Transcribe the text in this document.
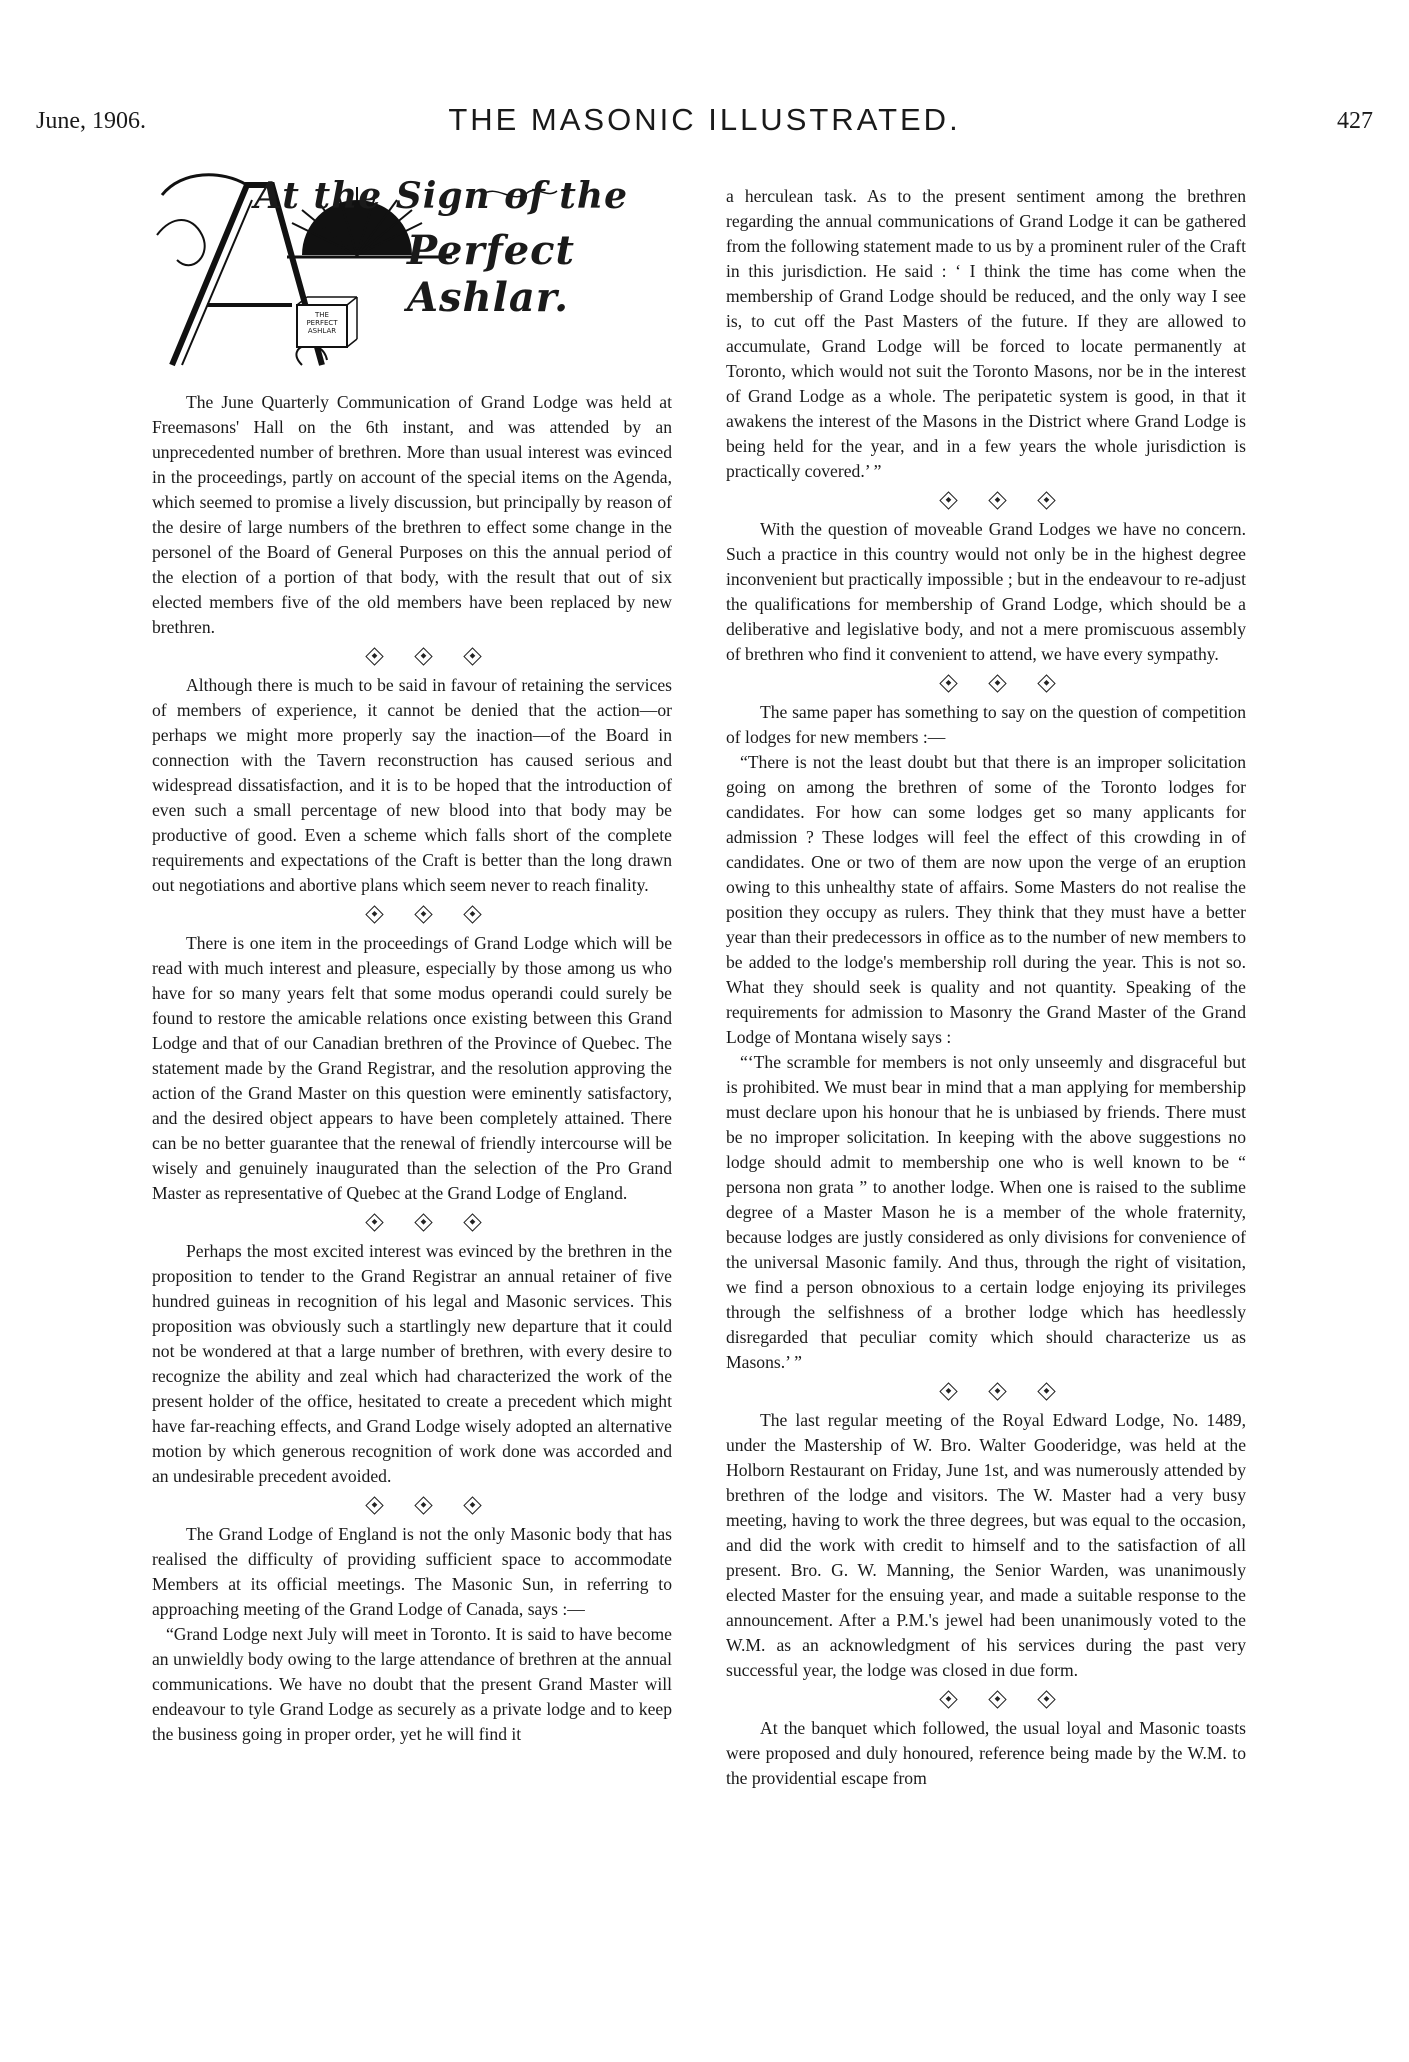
June, 1906.	THE MASONIC ILLUSTRATED.	427
At the Sign of the
Perfect Ashlar.
THE PERFECT ASHLAR

The June Quarterly Communication of Grand Lodge was held at Freemasons' Hall on the 6th instant, and was attended by an unprecedented number of brethren. More than usual interest was evinced in the proceedings, partly on account of the special items on the Agenda, which seemed to promise a lively discussion, but principally by reason of the desire of large numbers of the brethren to effect some change in the personel of the Board of General Purposes on this the annual period of the election of a portion of that body, with the result that out of six elected members five of the old members have been replaced by new brethren.

Although there is much to be said in favour of retaining the services of members of experience, it cannot be denied that the action—or perhaps we might more properly say the inaction—of the Board in connection with the Tavern reconstruction has caused serious and widespread dissatisfaction, and it is to be hoped that the introduction of even such a small percentage of new blood into that body may be productive of good. Even a scheme which falls short of the complete requirements and expectations of the Craft is better than the long drawn out negotiations and abortive plans which seem never to reach finality.

There is one item in the proceedings of Grand Lodge which will be read with much interest and pleasure, especially by those among us who have for so many years felt that some modus operandi could surely be found to restore the amicable relations once existing between this Grand Lodge and that of our Canadian brethren of the Province of Quebec. The statement made by the Grand Registrar, and the resolution approving the action of the Grand Master on this question were eminently satisfactory, and the desired object appears to have been completely attained. There can be no better guarantee that the renewal of friendly intercourse will be wisely and genuinely inaugurated than the selection of the Pro Grand Master as representative of Quebec at the Grand Lodge of England.

Perhaps the most excited interest was evinced by the brethren in the proposition to tender to the Grand Registrar an annual retainer of five hundred guineas in recognition of his legal and Masonic services. This proposition was obviously such a startlingly new departure that it could not be wondered at that a large number of brethren, with every desire to recognize the ability and zeal which had characterized the work of the present holder of the office, hesitated to create a precedent which might have far-reaching effects, and Grand Lodge wisely adopted an alternative motion by which generous recognition of work done was accorded and an undesirable precedent avoided.

The Grand Lodge of England is not the only Masonic body that has realised the difficulty of providing sufficient space to accommodate Members at its official meetings. The Masonic Sun, in referring to approaching meeting of the Grand Lodge of Canada, says :—

“Grand Lodge next July will meet in Toronto. It is said to have become an unwieldly body owing to the large attendance of brethren at the annual communications. We have no doubt that the present Grand Master will endeavour to tyle Grand Lodge as securely as a private lodge and to keep the business going in proper order, yet he will find it

a herculean task. As to the present sentiment among the brethren regarding the annual communications of Grand Lodge it can be gathered from the following statement made to us by a prominent ruler of the Craft in this jurisdiction. He said : ‘ I think the time has come when the membership of Grand Lodge should be reduced, and the only way I see is, to cut off the Past Masters of the future. If they are allowed to accumulate, Grand Lodge will be forced to locate permanently at Toronto, which would not suit the Toronto Masons, nor be in the interest of Grand Lodge as a whole. The peripatetic system is good, in that it awakens the interest of the Masons in the District where Grand Lodge is being held for the year, and in a few years the whole jurisdiction is practically covered.’ ”

With the question of moveable Grand Lodges we have no concern. Such a practice in this country would not only be in the highest degree inconvenient but practically impossible ; but in the endeavour to re-adjust the qualifications for membership of Grand Lodge, which should be a deliberative and legislative body, and not a mere promiscuous assembly of brethren who find it convenient to attend, we have every sympathy.

The same paper has something to say on the question of competition of lodges for new members :—

“There is not the least doubt but that there is an improper solicitation going on among the brethren of some of the Toronto lodges for candidates. For how can some lodges get so many applicants for admission ? These lodges will feel the effect of this crowding in of candidates. One or two of them are now upon the verge of an eruption owing to this unhealthy state of affairs. Some Masters do not realise the position they occupy as rulers. They think that they must have a better year than their predecessors in office as to the number of new members to be added to the lodge's membership roll during the year. This is not so. What they should seek is quality and not quantity. Speaking of the requirements for admission to Masonry the Grand Master of the Grand Lodge of Montana wisely says :

“‘The scramble for members is not only unseemly and disgraceful but is prohibited. We must bear in mind that a man applying for membership must declare upon his honour that he is unbiased by friends. There must be no improper solicitation. In keeping with the above suggestions no lodge should admit to membership one who is well known to be “ persona non grata ” to another lodge. When one is raised to the sublime degree of a Master Mason he is a member of the whole fraternity, because lodges are justly considered as only divisions for convenience of the universal Masonic family. And thus, through the right of visitation, we find a person obnoxious to a certain lodge enjoying its privileges through the selfishness of a brother lodge which has heedlessly disregarded that peculiar comity which should characterize us as Masons.’ ”

The last regular meeting of the Royal Edward Lodge, No. 1489, under the Mastership of W. Bro. Walter Gooderidge, was held at the Holborn Restaurant on Friday, June 1st, and was numerously attended by brethren of the lodge and visitors. The W. Master had a very busy meeting, having to work the three degrees, but was equal to the occasion, and did the work with credit to himself and to the satisfaction of all present. Bro. G. W. Manning, the Senior Warden, was unanimously elected Master for the ensuing year, and made a suitable response to the announcement. After a P.M.'s jewel had been unanimously voted to the W.M. as an acknowledgment of his services during the past very successful year, the lodge was closed in due form.

At the banquet which followed, the usual loyal and Masonic toasts were proposed and duly honoured, reference being made by the W.M. to the providential escape from
